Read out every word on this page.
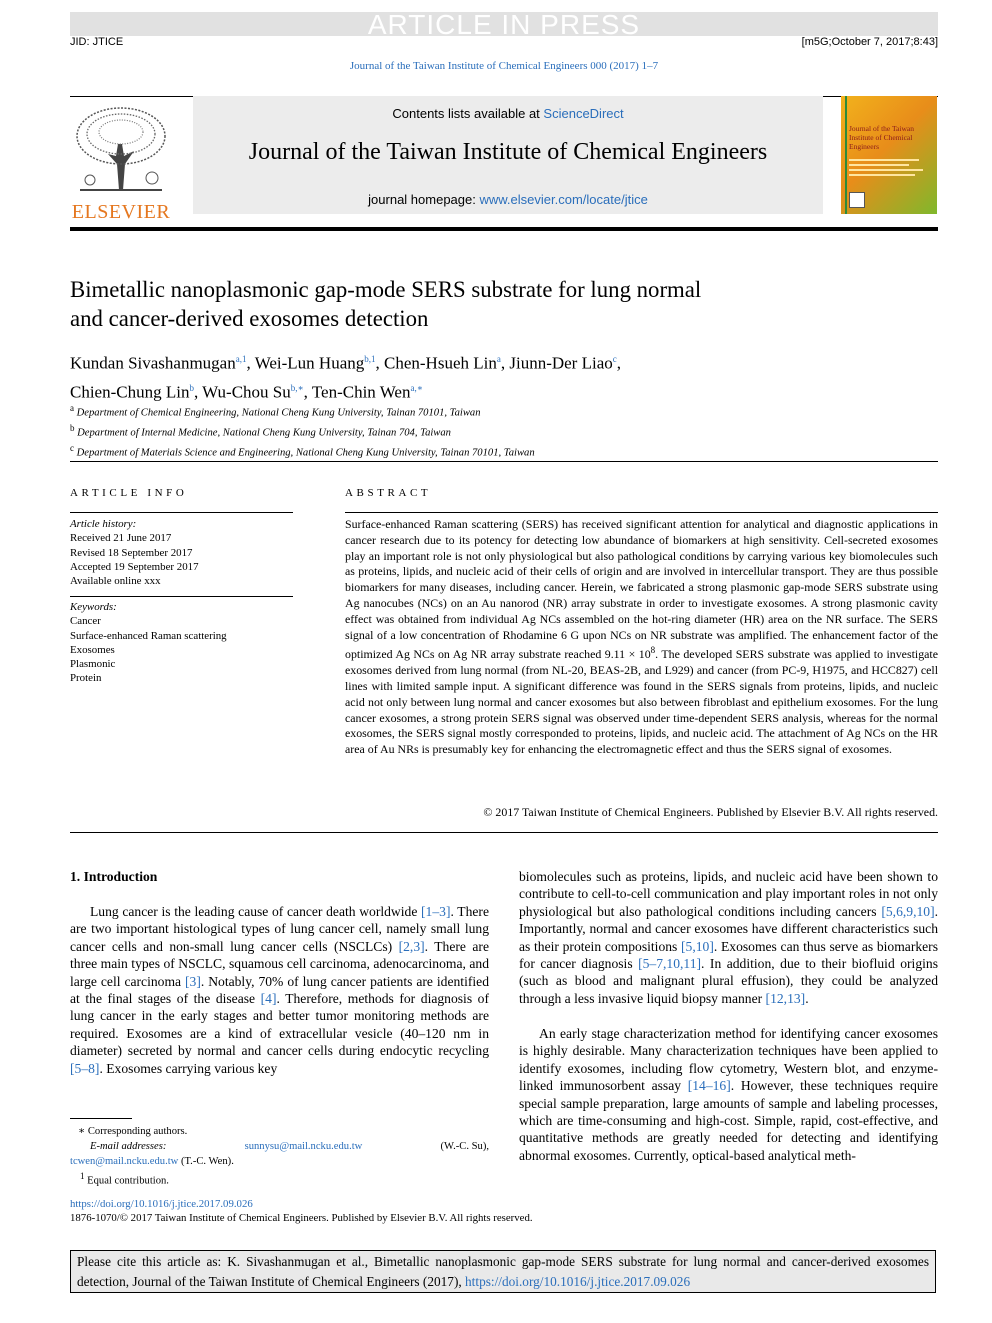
ARTICLE IN PRESS
JID: JTICE	[m5G;October 7, 2017;8:43]
Journal of the Taiwan Institute of Chemical Engineers 000 (2017) 1–7
ELSEVIER
Contents lists available at ScienceDirect
Journal of the Taiwan Institute of Chemical Engineers
journal homepage: www.elsevier.com/locate/jtice
Journal of the Taiwan Institute of Chemical Engineers
Bimetallic nanoplasmonic gap-mode SERS substrate for lung normal
and cancer-derived exosomes detection
Kundan Sivashanmugan$^{a,1}$, Wei-Lun Huang$^{b,1}$, Chen-Hsueh Lin$^a$, Jiunn-Der Liao$^c$,
Chien-Chung Lin$^b$, Wu-Chou $Su^{b,∗}$, Ten-Chin Wen$^{a,∗}$
$^a$ Department of Chemical Engineering, National Cheng Kung University, Tainan 70101, Taiwan
$^b$ Department of Internal Medicine, National Cheng Kung University, Tainan 704, Taiwan
$^c$ Department of Materials Science and Engineering, National Cheng Kung University, Tainan 70101, Taiwan
ARTICLE INFO
Article history:
Received 21 June 2017
Revised 18 September 2017
Accepted 19 September 2017
Available online xxx
Keywords:
Cancer
Surface-enhanced Raman scattering
Exosomes
Plasmonic
Protein
ABSTRACT
Surface-enhanced Raman scattering (SERS) has received significant attention for analytical and diagnostic applications in cancer research due to its potency for detecting low abundance of biomarkers at high sensitivity. Cell-secreted exosomes play an important role is not only physiological but also pathological conditions by carrying various key biomolecules such as proteins, lipids, and nucleic acid of their cells of origin and are involved in intercellular transport. They are thus possible biomarkers for many diseases, including cancer. Herein, we fabricated a strong plasmonic gap-mode SERS substrate using Ag nanocubes (NCs) on an Au nanorod (NR) array substrate in order to investigate exosomes. A strong plasmonic cavity effect was obtained from individual Ag NCs assembled on the hot-ring diameter (HR) area on the NR surface. The SERS signal of a low concentration of Rhodamine 6 G upon NCs on NR substrate was amplified. The enhancement factor of the optimized Ag NCs on Ag NR array substrate reached $9.11 \times 10^8$. The developed SERS substrate was applied to investigate exosomes derived from lung normal (from NL-20, BEAS-2B, and L929) and cancer (from PC-9, H1975, and HCC827) cell lines with limited sample input. A significant difference was found in the SERS signals from proteins, lipids, and nucleic acid not only between lung normal and cancer exosomes but also between fibroblast and epithelium exosomes. For the lung cancer exosomes, a strong protein SERS signal was observed under time-dependent SERS analysis, whereas for the normal exosomes, the SERS signal mostly corresponded to proteins, lipids, and nucleic acid. The attachment of Ag NCs on the HR area of Au NRs is presumably key for enhancing the electromagnetic effect and thus the SERS signal of exosomes.
© 2017 Taiwan Institute of Chemical Engineers. Published by Elsevier B.V. All rights reserved.
1. Introduction
Lung cancer is the leading cause of cancer death worldwide [1–3]. There are two important histological types of lung cancer cell, namely small lung cancer cells and non-small lung cancer cells (NSCLCs) [2,3]. There are three main types of NSCLC, squamous cell carcinoma, adenocarcinoma, and large cell carcinoma [3]. Notably, 70% of lung cancer patients are identified at the final stages of the disease [4]. Therefore, methods for diagnosis of lung cancer in the early stages and better tumor monitoring methods are required. Exosomes are a kind of extracellular vesicle (40–120 nm in diameter) secreted by normal and cancer cells during endocytic recycling [5–8]. Exosomes carrying various key
biomolecules such as proteins, lipids, and nucleic acid have been shown to contribute to cell-to-cell communication and play important roles in not only physiological but also pathological conditions including cancers [5,6,9,10]. Importantly, normal and cancer exosomes have different characteristics such as their protein compositions [5,10]. Exosomes can thus serve as biomarkers for cancer diagnosis [5–7,10,11]. In addition, due to their biofluid origins (such as blood and malignant plural effusion), they could be analyzed through a less invasive liquid biopsy manner [12,13].
An early stage characterization method for identifying cancer exosomes is highly desirable. Many characterization techniques have been applied to identify exosomes, including flow cytometry, Western blot, and enzyme-linked immunosorbent assay [14–16]. However, these techniques require special sample preparation, large amounts of sample and labeling processes, which are time-consuming and high-cost. Simple, rapid, cost-effective, and quantitative methods are greatly needed for detecting and identifying abnormal exosomes. Currently, optical-based analytical meth-
∗ Corresponding authors.
E-mail addresses:	sunnysu@mail.ncku.edu.tw	(W.-C. Su),
tcwen@mail.ncku.edu.tw (T.-C. Wen).
$^1$ Equal contribution.
https://doi.org/10.1016/j.jtice.2017.09.026
1876-1070/© 2017 Taiwan Institute of Chemical Engineers. Published by Elsevier B.V. All rights reserved.
Please cite this article as: K. Sivashanmugan et al., Bimetallic nanoplasmonic gap-mode SERS substrate for lung normal and cancer-derived exosomes detection, Journal of the Taiwan Institute of Chemical Engineers (2017), https://doi.org/10.1016/j.jtice.2017.09.026
